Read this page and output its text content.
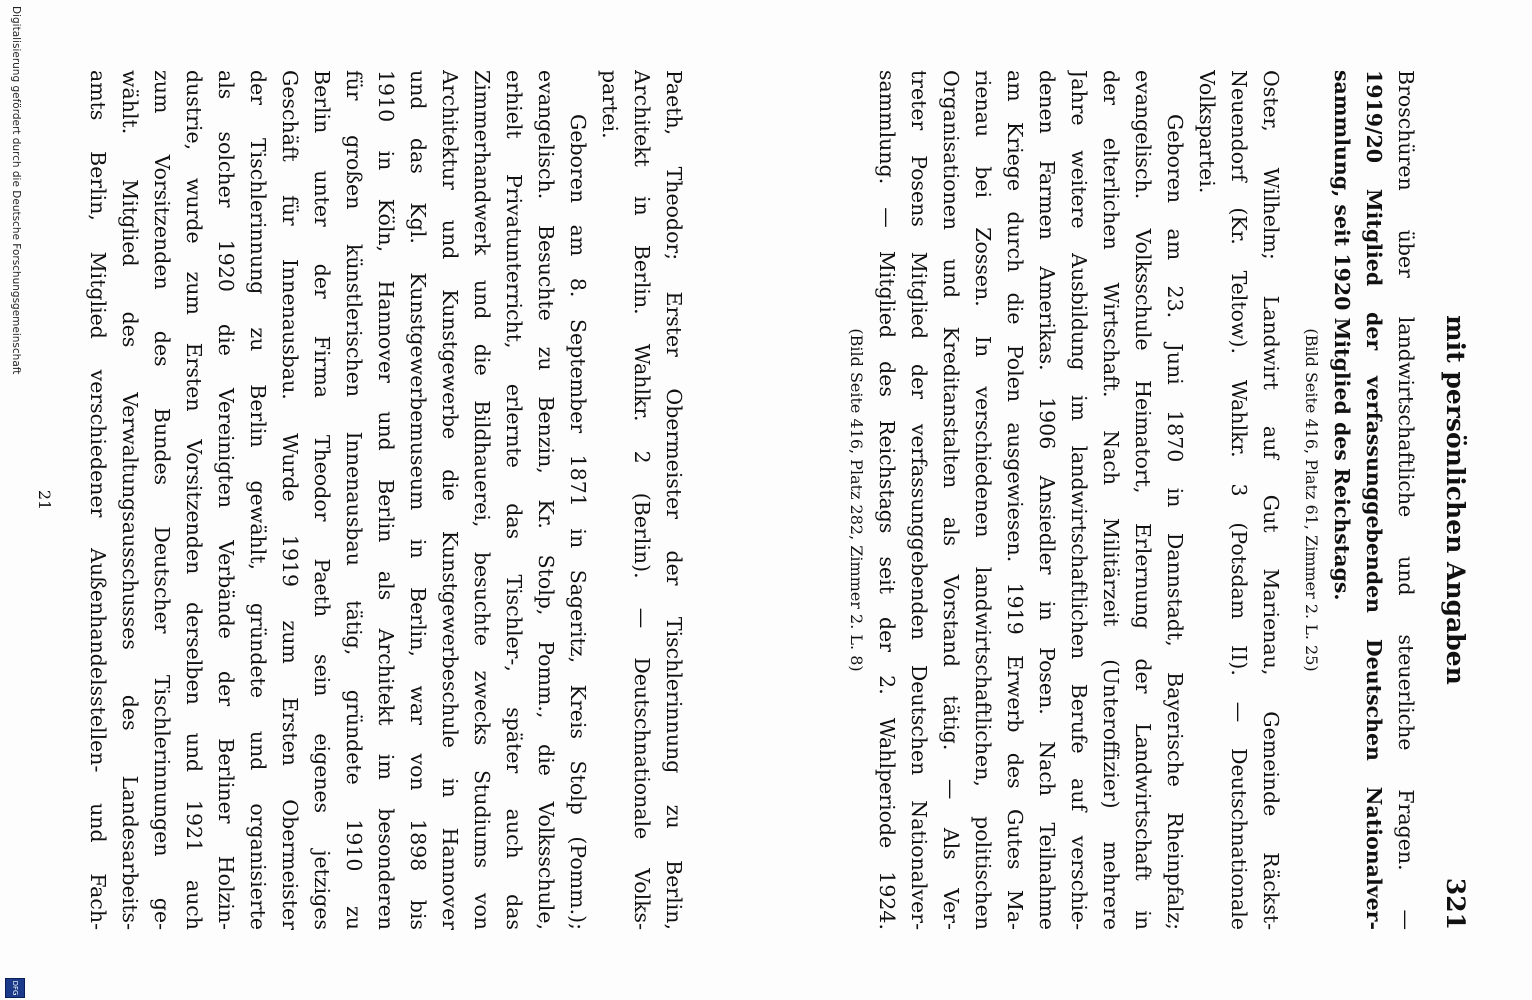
mit persönlichen Angaben
321

Broschüren über landwirtschaftliche und steuerliche Fragen. —
1919/20 Mitglied der verfassunggebenden Deutschen Nationalver-
sammlung, seit 1920 Mitglied des Reichstags.

(Bild Seite 416, Platz 61, Zimmer 2. L. 25)

Oster, Wilhelm; Landwirt auf Gut Marienau, Gemeinde Räckst-
Neuendorf (Kr. Teltow). Wahlkr. 3 (Potsdam II). — Deutschnationale
Volkspartei.

Geboren am 23. Juni 1870 in Dannstadt, Bayerische Rheinpfalz;
evangelisch. Volksschule Heimatort, Erlernung der Landwirtschaft in
der elterlichen Wirtschaft. Nach Militärzeit (Unteroffizier) mehrere
Jahre weitere Ausbildung im landwirtschaftlichen Berufe auf verschie-
denen Farmen Amerikas. 1906 Ansiedler in Posen. Nach Teilnahme
am Kriege durch die Polen ausgewiesen. 1919 Erwerb des Gutes Ma-
rienau bei Zossen. In verschiedenen landwirtschaftlichen, politischen
Organisationen und Kreditanstalten als Vorstand tätig. — Als Ver-
treter Posens Mitglied der verfassunggebenden Deutschen Nationalver-
sammlung. — Mitglied des Reichstags seit der 2. Wahlperiode 1924.

(Bild Seite 416, Platz 282, Zimmer 2. L. 8)

Paeth, Theodor; Erster Obermeister der Tischlerinnung zu Berlin,
Architekt in Berlin. Wahlkr. 2 (Berlin). — Deutschnationale Volks-
partei.

Geboren am 8. September 1871 in Sageritz, Kreis Stolp (Pomm.);
evangelisch. Besuchte zu Benzin, Kr. Stolp, Pomm., die Volksschule,
erhielt Privatunterricht, erlernte das Tischler-, später auch das
Zimmerhandwerk und die Bildhauerei, besuchte zwecks Studiums von
Architektur und Kunstgewerbe die Kunstgewerbeschule in Hannover
und das Kgl. Kunstgewerbemuseum in Berlin, war von 1898 bis
1910 in Köln, Hannover und Berlin als Architekt im besonderen
für großen künstlerischen Innenausbau tätig, gründete 1910 zu
Berlin unter der Firma Theodor Paeth sein eigenes jetziges
Geschäft für Innenausbau. Wurde 1919 zum Ersten Obermeister
der Tischlerinnung zu Berlin gewählt, gründete und organisierte
als solcher 1920 die Vereinigten Verbände der Berliner Holzin-
dustrie, wurde zum Ersten Vorsitzenden derselben und 1921 auch
zum Vorsitzenden des Bundes Deutscher Tischlerinnungen ge-
wählt. Mitglied des Verwaltungsausschusses des Landesarbeits-
amts Berlin, Mitglied verschiedener Außenhandelsstellen- und Fach-

21
Digitalisierung gefördert durch die Deutsche Forschungsgemeinschaft
DFG
